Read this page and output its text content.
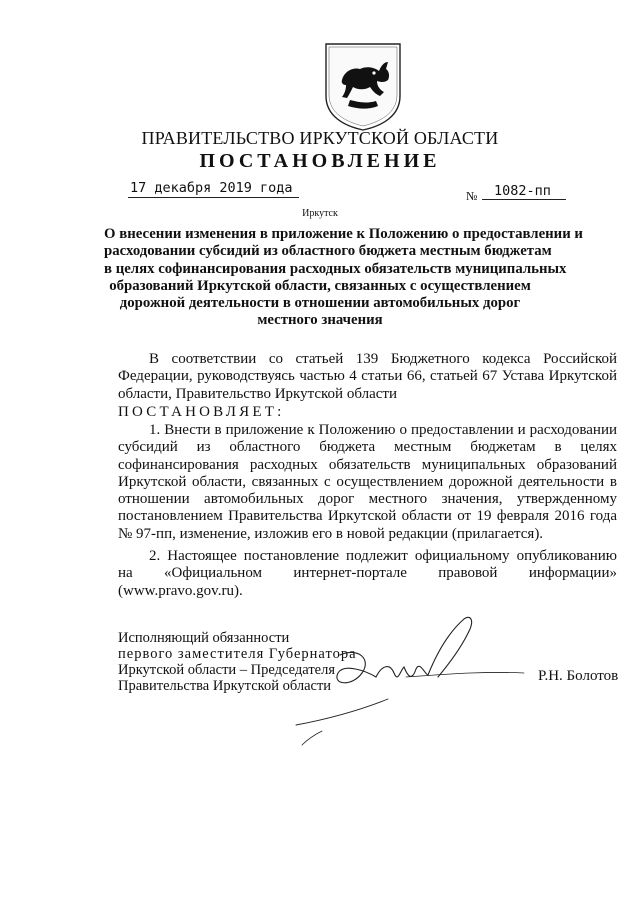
ПРАВИТЕЛЬСТВО ИРКУТСКОЙ ОБЛАСТИ
ПОСТАНОВЛЕНИЕ
17 декабря 2019 года	№	1082-пп
Иркутск
О внесении изменения в приложение к Положению о предоставлении и
расходовании субсидий из областного бюджета местным бюджетам
в целях софинансирования расходных обязательств муниципальных
образований Иркутской области, связанных с осуществлением
дорожной деятельности в отношении автомобильных дорог
местного значения
В соответствии со статьей 139 Бюджетного кодекса Российской Федерации, руководствуясь частью 4 статьи 66, статьей 67 Устава Иркутской области, Правительство Иркутской области
ПОСТАНОВЛЯЕТ:
1. Внести в приложение к Положению о предоставлении и расходовании субсидий из областного бюджета местным бюджетам в целях софинансирования расходных обязательств муниципальных образований Иркутской области, связанных с осуществлением дорожной деятельности в отношении автомобильных дорог местного значения, утвержденному постановлением Правительства Иркутской области от 19 февраля 2016 года № 97-пп, изменение, изложив его в новой редакции (прилагается).
2. Настоящее постановление подлежит официальному опубликованию на «Официальном интернет-портале правовой информации» (www.pravo.gov.ru).
Исполняющий обязанности
первого заместителя Губернатора
Иркутской области – Председателя
Правительства Иркутской области
Р.Н. Болотов
